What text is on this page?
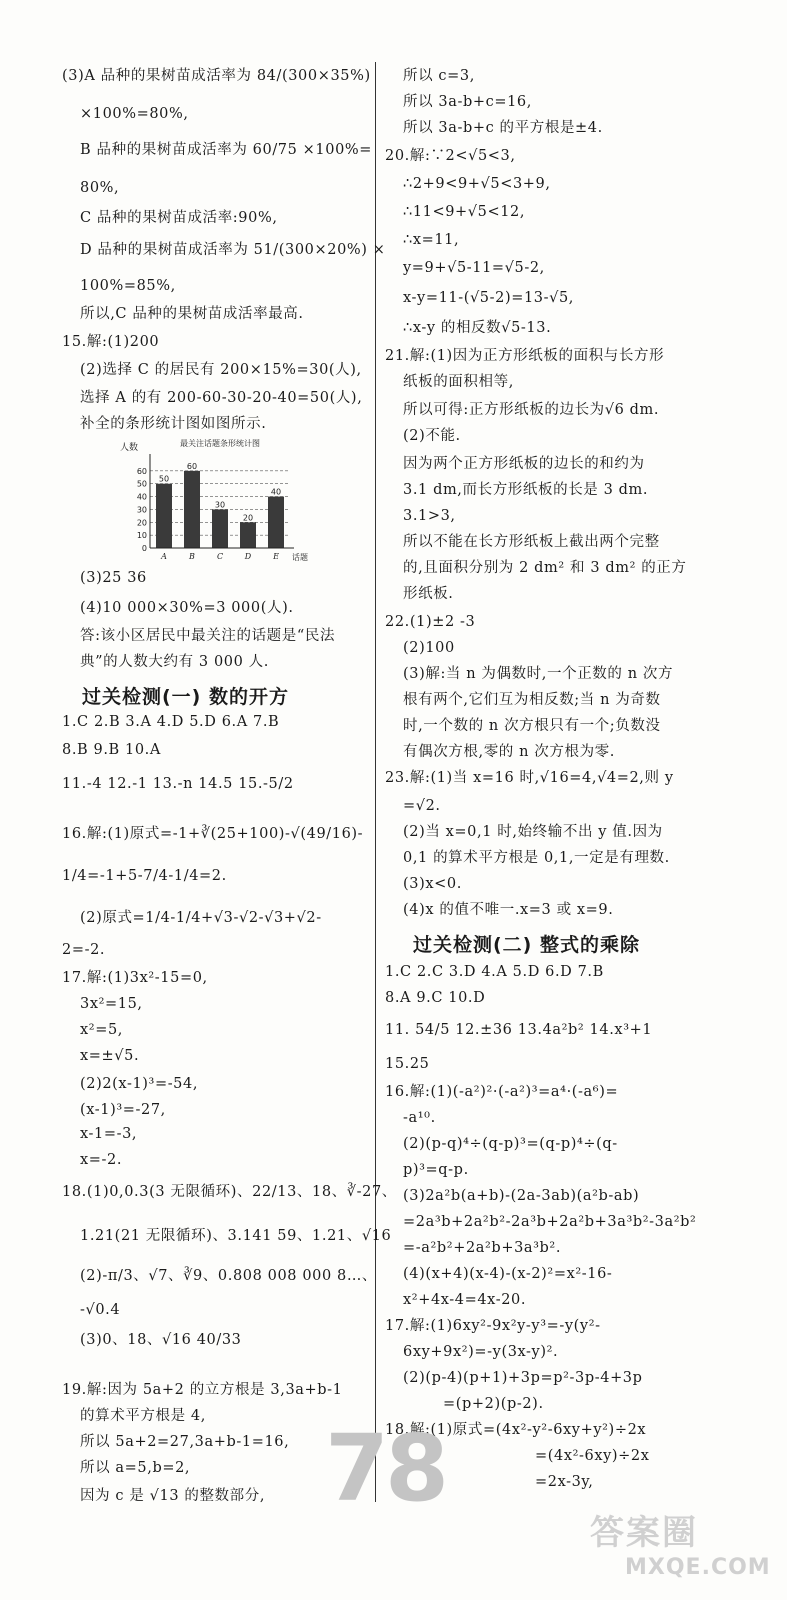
(3)A 品种的果树苗成活率为 84/(300×35%)
×100%=80%,
B 品种的果树苗成活率为 60/75 ×100%=
80%,
C 品种的果树苗成活率:90%,
D 品种的果树苗成活率为 51/(300×20%) ×
100%=85%,
所以,C 品种的果树苗成活率最高.
15.解:(1)200
(2)选择 C 的居民有 200×15%=30(人),
选择 A 的有 200-60-30-20-40=50(人),
补全的条形统计图如图所示.
人数	最关注话题条形统计图
话题
50
60
30
20
40
0
10
20
30
40
50
60
A	B	C	D	E
(3)25 36
(4)10 000×30%=3 000(人).
答:该小区居民中最关注的话题是“民法
典”的人数大约有 3 000 人.
过关检测(一) 数的开方
1.C 2.B 3.A 4.D 5.D 6.A 7.B
8.B 9.B 10.A
11.-4 12.-1 13.-n 14.5 15.-5/2
16.解:(1)原式=-1+∛(25+100)-√(49/16)-
1/4=-1+5-7/4-1/4=2.
(2)原式=1/4-1/4+√3-√2-√3+√2-
2=-2.
17.解:(1)3x²-15=0,
3x²=15,
x²=5,
x=±√5.
(2)2(x-1)³=-54,
(x-1)³=-27,
x-1=-3,
x=-2.
18.(1)0,0.3(3 无限循环)、22/13、18、∛-27、
1.21(21 无限循环)、3.141 59、1.21、√16
(2)-π/3、√7、∛9、0.808 008 000 8…、
-√0.4
(3)0、18、√16 40/33
19.解:因为 5a+2 的立方根是 3,3a+b-1
的算术平方根是 4,
所以 5a+2=27,3a+b-1=16,
所以 a=5,b=2,
因为 c 是 √13 的整数部分,
所以 c=3,
所以 3a-b+c=16,
所以 3a-b+c 的平方根是±4.
20.解:∵2<√5<3,
∴2+9<9+√5<3+9,
∴11<9+√5<12,
∴x=11,
y=9+√5-11=√5-2,
x-y=11-(√5-2)=13-√5,
∴x-y 的相反数√5-13.
21.解:(1)因为正方形纸板的面积与长方形
纸板的面积相等,
所以可得:正方形纸板的边长为√6 dm.
(2)不能.
因为两个正方形纸板的边长的和约为
3.1 dm,而长方形纸板的长是 3 dm.
3.1>3,
所以不能在长方形纸板上截出两个完整
的,且面积分别为 2 dm² 和 3 dm² 的正方
形纸板.
22.(1)±2 -3
(2)100
(3)解:当 n 为偶数时,一个正数的 n 次方
根有两个,它们互为相反数;当 n 为奇数
时,一个数的 n 次方根只有一个;负数没
有偶次方根,零的 n 次方根为零.
23.解:(1)当 x=16 时,√16=4,√4=2,则 y
=√2.
(2)当 x=0,1 时,始终输不出 y 值.因为
0,1 的算术平方根是 0,1,一定是有理数.
(3)x<0.
(4)x 的值不唯一.x=3 或 x=9.
过关检测(二) 整式的乘除
1.C 2.C 3.D 4.A 5.D 6.D 7.B
8.A 9.C 10.D
11. 54/5 12.±36 13.4a²b² 14.x³+1
15.25
16.解:(1)(-a²)²·(-a²)³=a⁴·(-a⁶)=
-a¹⁰.
(2)(p-q)⁴÷(q-p)³=(q-p)⁴÷(q-
p)³=q-p.
(3)2a²b(a+b)-(2a-3ab)(a²b-ab)
=2a³b+2a²b²-2a³b+2a²b+3a³b²-3a²b²
=-a²b²+2a²b+3a³b².
(4)(x+4)(x-4)-(x-2)²=x²-16-
x²+4x-4=4x-20.
17.解:(1)6xy²-9x²y-y³=-y(y²-
6xy+9x²)=-y(3x-y)².
(2)(p-4)(p+1)+3p=p²-3p-4+3p
=(p+2)(p-2).
18.解:(1)原式=(4x²-y²-6xy+y²)÷2x
=(4x²-6xy)÷2x
=2x-3y,
78
答案圈
MXQE.COM
